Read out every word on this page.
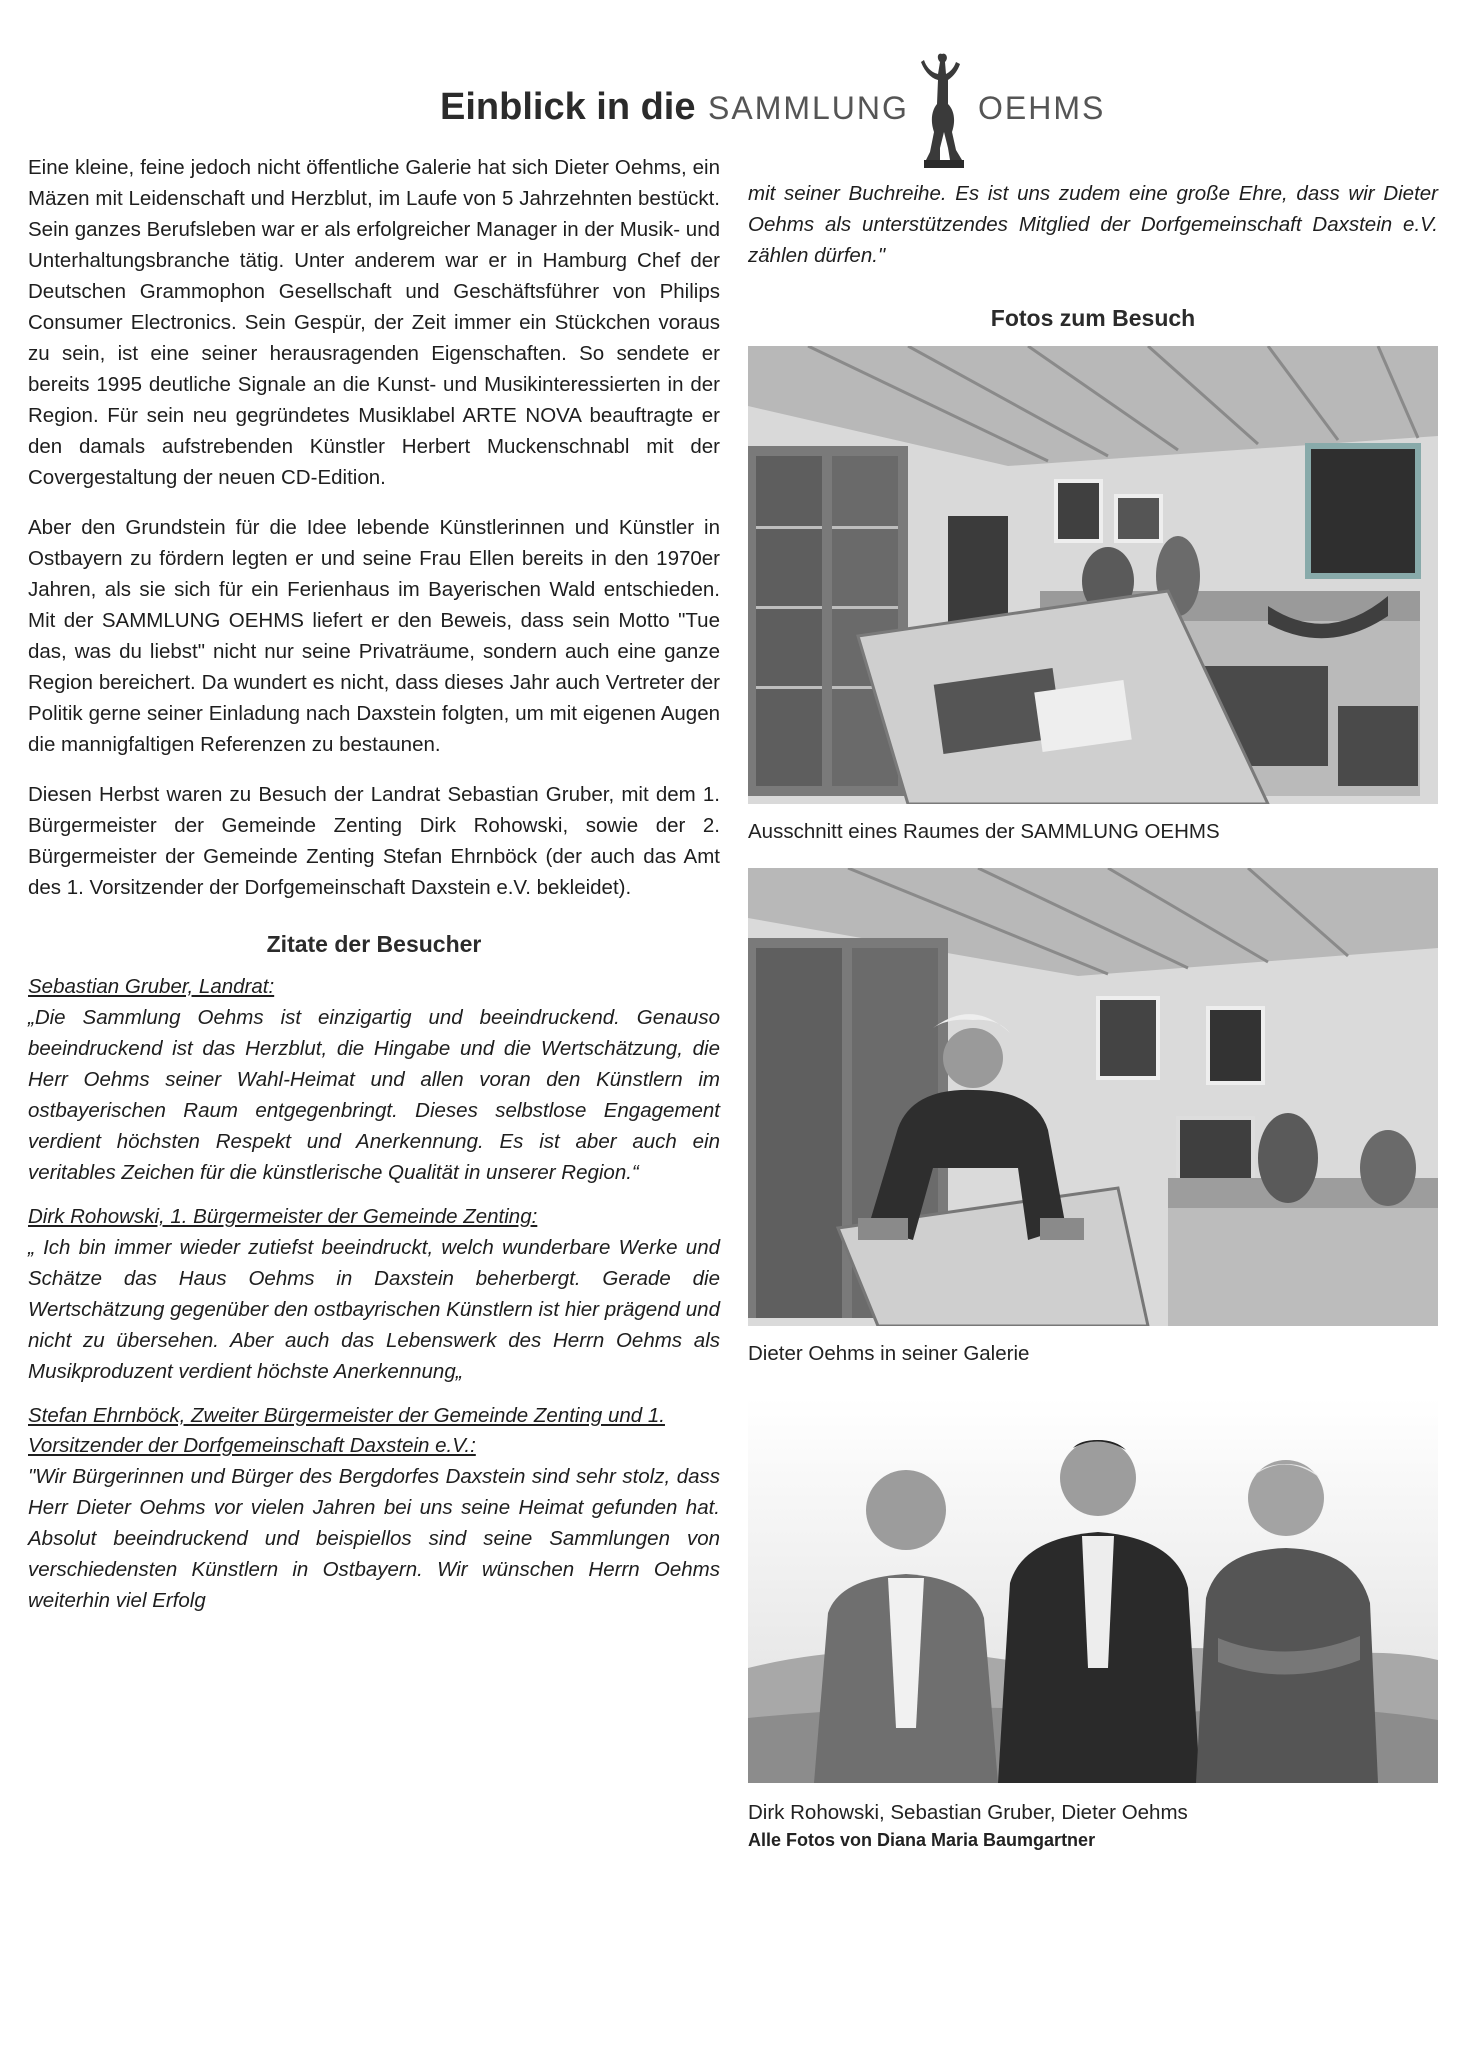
Einblick in die SAMMLUNG OEHMS

Eine kleine, feine jedoch nicht öffentliche Galerie hat sich Dieter Oehms, ein Mäzen mit Leidenschaft und Herzblut, im Laufe von 5 Jahrzehnten bestückt. Sein ganzes Berufsleben war er als erfolgreicher Manager in der Musik- und Unterhaltungsbranche tätig. Unter anderem war er in Hamburg Chef der Deutschen Grammophon Gesellschaft und Geschäftsführer von Philips Consumer Electronics. Sein Gespür, der Zeit immer ein Stückchen voraus zu sein, ist eine seiner herausragenden Eigenschaften. So sendete er bereits 1995 deutliche Signale an die Kunst- und Musikinteressierten in der Region. Für sein neu gegründetes Musiklabel ARTE NOVA beauftragte er den damals aufstrebenden Künstler Herbert Muckenschnabl mit der Covergestaltung der neuen CD-Edition.

Aber den Grundstein für die Idee lebende Künstlerinnen und Künstler in Ostbayern zu fördern legten er und seine Frau Ellen bereits in den 1970er Jahren, als sie sich für ein Ferienhaus im Bayerischen Wald entschieden. Mit der SAMMLUNG OEHMS liefert er den Beweis, dass sein Motto "Tue das, was du liebst" nicht nur seine Privaträume, sondern auch eine ganze Region bereichert. Da wundert es nicht, dass dieses Jahr auch Vertreter der Politik gerne seiner Einladung nach Daxstein folgten, um mit eigenen Augen die mannigfaltigen Referenzen zu bestaunen.

Diesen Herbst waren zu Besuch der Landrat Sebastian Gruber, mit dem 1. Bürgermeister der Gemeinde Zenting Dirk Rohowski, sowie der 2. Bürgermeister der Gemeinde Zenting Stefan Ehrnböck (der auch das Amt des 1. Vorsitzender der Dorfgemeinschaft Daxstein e.V. bekleidet).

Zitate der Besucher

Sebastian Gruber, Landrat:

„Die Sammlung Oehms ist einzigartig und beeindruckend. Genauso beeindruckend ist das Herzblut, die Hingabe und die Wertschätzung, die Herr Oehms seiner Wahl-Heimat und allen voran den Künstlern im ostbayerischen Raum entgegenbringt. Dieses selbstlose Engagement verdient höchsten Respekt und Anerkennung. Es ist aber auch ein veritables Zeichen für die künstlerische Qualität in unserer Region.“

Dirk Rohowski, 1. Bürgermeister der Gemeinde Zenting:

„ Ich bin immer wieder zutiefst beeindruckt, welch wunderbare Werke und Schätze das Haus Oehms in Daxstein beherbergt. Gerade die Wertschätzung gegenüber den ostbayrischen Künstlern ist hier prägend und nicht zu übersehen. Aber auch das Lebenswerk des Herrn Oehms als Musikproduzent verdient höchste Anerkennung„

Stefan Ehrnböck, Zweiter Bürgermeister der Gemeinde Zenting und 1. Vorsitzender der Dorfgemeinschaft Daxstein e.V.:

"Wir Bürgerinnen und Bürger des Bergdorfes Daxstein sind sehr stolz, dass Herr Dieter Oehms vor vielen Jahren bei uns seine Heimat gefunden hat. Absolut beeindruckend und beispiellos sind seine Sammlungen von verschiedensten Künstlern in Ostbayern. Wir wünschen Herrn Oehms weiterhin viel Erfolg

mit seiner Buchreihe. Es ist uns zudem eine große Ehre, dass wir Dieter Oehms als unterstützendes Mitglied der Dorfgemeinschaft Daxstein e.V. zählen dürfen."

Fotos zum Besuch

Ausschnitt eines Raumes der SAMMLUNG OEHMS

Dieter Oehms in seiner Galerie

Dirk Rohowski, Sebastian Gruber, Dieter Oehms

Alle Fotos von Diana Maria Baumgartner
